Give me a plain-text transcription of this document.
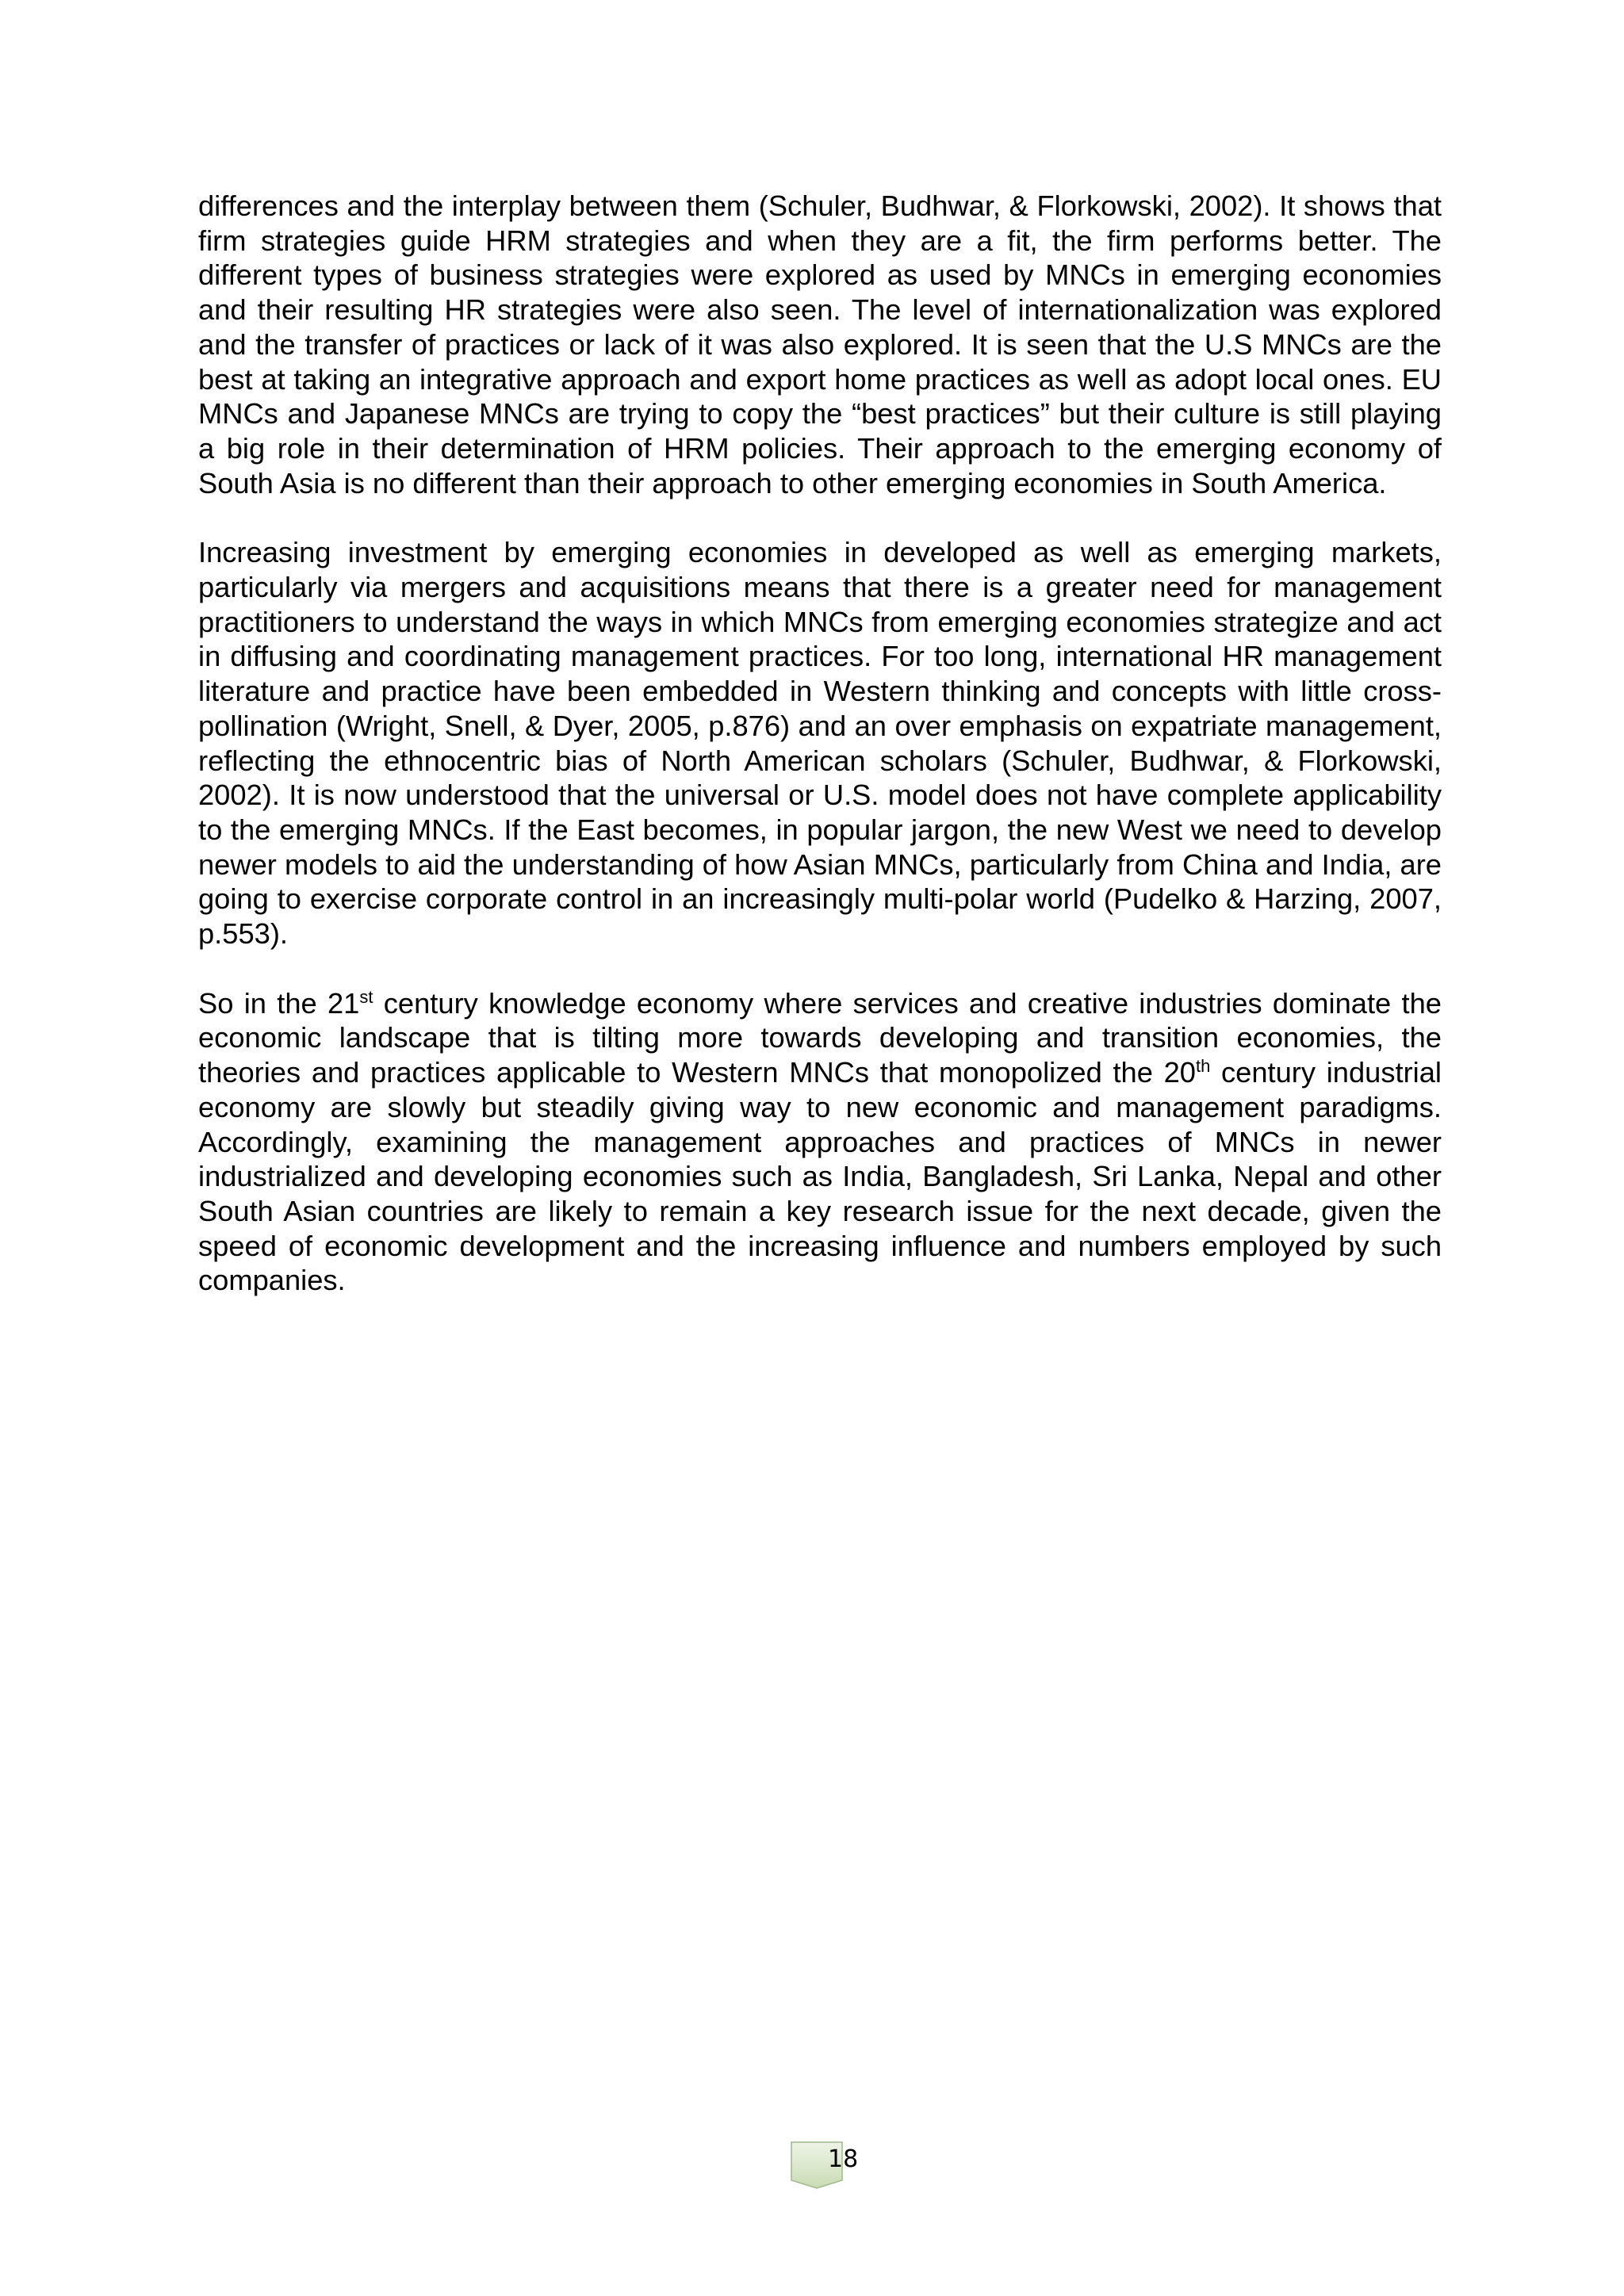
differences and the interplay between them (Schuler, Budhwar, & Florkowski, 2002). It shows that firm strategies guide HRM strategies and when they are a fit, the firm performs better. The different types of business strategies were explored as used by MNCs in emerging economies and their resulting HR strategies were also seen. The level of internationalization was explored and the transfer of practices or lack of it was also explored. It is seen that the U.S MNCs are the best at taking an integrative approach and export home practices as well as adopt local ones. EU MNCs and Japanese MNCs are trying to copy the “best practices” but their culture is still playing a big role in their determination of HRM policies. Their approach to the emerging economy of South Asia is no different than their approach to other emerging economies in South America.

Increasing investment by emerging economies in developed as well as emerging markets, particularly via mergers and acquisitions means that there is a greater need for management practitioners to understand the ways in which MNCs from emerging economies strategize and act in diffusing and coordinating management practices. For too long, international HR management literature and practice have been embedded in Western thinking and concepts with little cross-pollination (Wright, Snell, & Dyer, 2005, p.876) and an over emphasis on expatriate management, reflecting the ethnocentric bias of North American scholars (Schuler, Budhwar, & Florkowski, 2002). It is now understood that the universal or U.S. model does not have complete applicability to the emerging MNCs. If the East becomes, in popular jargon, the new West we need to develop newer models to aid the understanding of how Asian MNCs, particularly from China and India, are going to exercise corporate control in an increasingly multi-polar world (Pudelko & Harzing, 2007, p.553).

So in the 21st century knowledge economy where services and creative industries dominate the economic landscape that is tilting more towards developing and transition economies, the theories and practices applicable to Western MNCs that monopolized the 20th century industrial economy are slowly but steadily giving way to new economic and management paradigms. Accordingly, examining the management approaches and practices of MNCs in newer industrialized and developing economies such as India, Bangladesh, Sri Lanka, Nepal and other South Asian countries are likely to remain a key research issue for the next decade, given the speed of economic development and the increasing influence and numbers employed by such companies.

18
